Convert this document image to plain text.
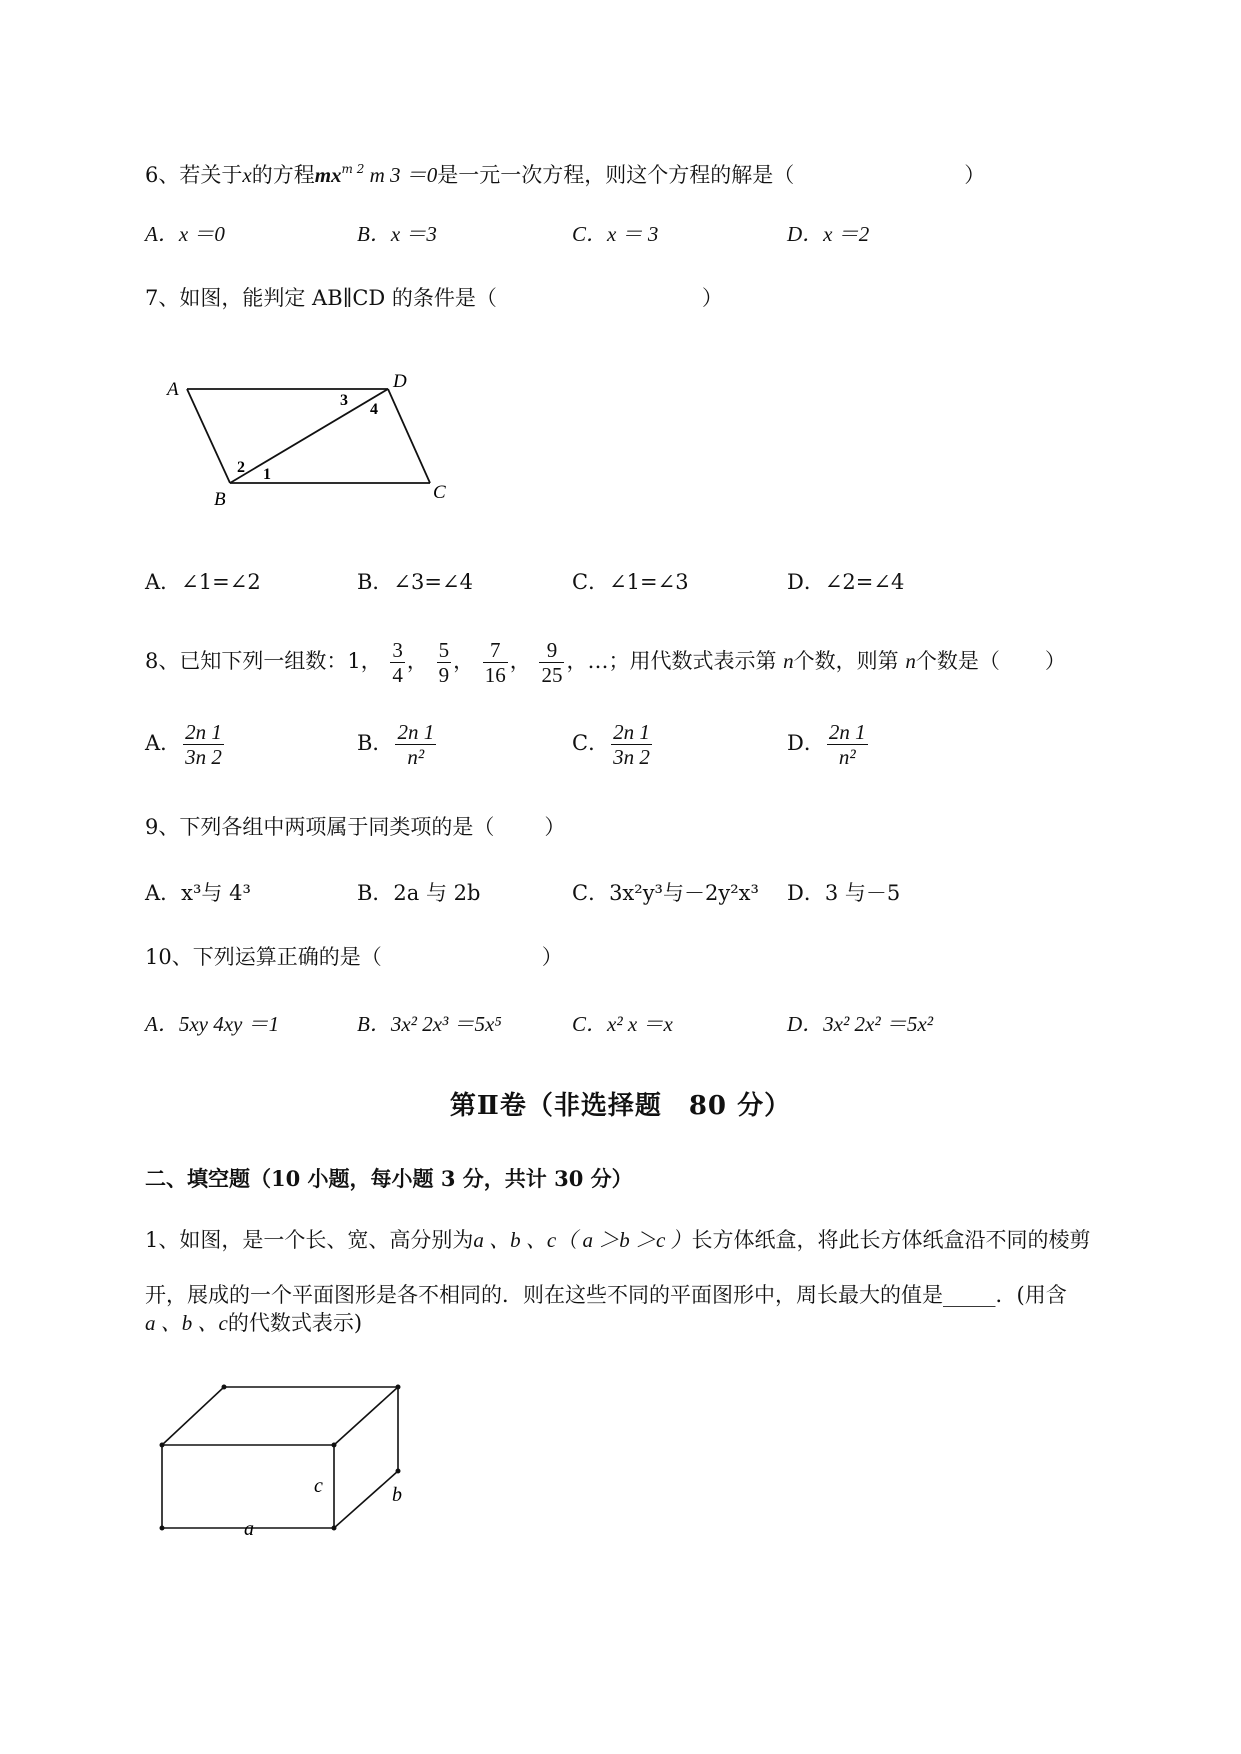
6、若关于x的方程$mx^{m 2}$ m 3 ＝0是一元一次方程，则这个方程的解是（	）
A．x ＝0	B．x ＝3	C．x ＝ 3	D．x ＝2
7、如图，能判定 AB∥CD 的条件是（	）
A	D
B	C
1
2
3
4
A．∠1=∠2	B．∠3=∠4	C．∠1=∠3	D．∠2=∠4
8、已知下列一组数：1， $\frac{3}{4}$ ， $\frac{5}{9}$ ， $\frac{7}{16}$ ， $\frac{9}{25}$ ，…；用代数式表示第 n个数，则第 n个数是（ ）
A． $\frac{2n 1}{3n 2}$	B． $\frac{2n 1}{\text{n²}}$	C． $\frac{2n 1}{3n 2}$	D． $\frac{2n 1}{\text{n²}}$
9、下列各组中两项属于同类项的是（ ）
A．x³与 4³	B．2a 与 2b	C．3x²y³与－2y²x³ D．3 与－5
10、下列运算正确的是（	）
A．5xy 4xy ＝1	B．3x² 2x³ ＝5x⁵	C．x² x ＝x	D．3x² 2x² ＝5x²
第Ⅱ卷（非选择题　80 分）
二、填空题（10 小题，每小题 3 分，共计 30 分）
1、如图，是一个长、宽、高分别为a 、b 、c（ a ＞b ＞c ）长方体纸盒，将此长方体纸盒沿不同的棱剪
开，展成的一个平面图形是各不相同的．则在这些不同的平面图形中，周长最大的值是_____．(用含
a 、b 、c的代数式表示)
c	b
a
